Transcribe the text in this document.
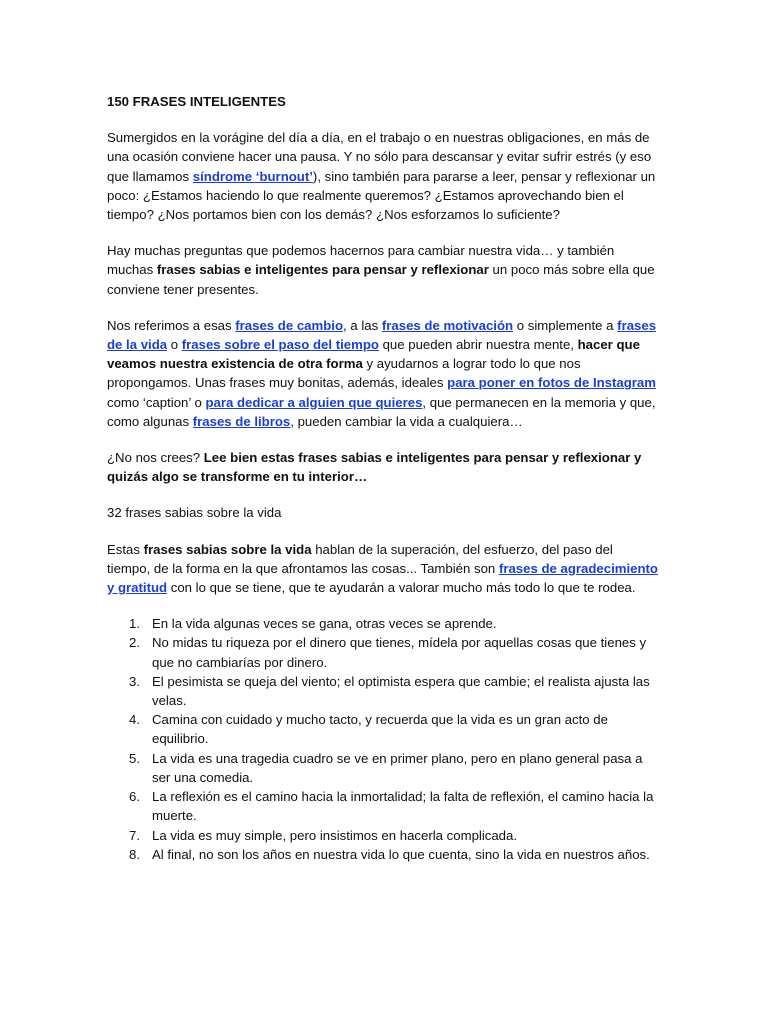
150 FRASES INTELIGENTES

Sumergidos en la vorágine del día a día, en el trabajo o en nuestras obligaciones, en más de una ocasión conviene hacer una pausa. Y no sólo para descansar y evitar sufrir estrés (y eso que llamamos síndrome ‘burnout’), sino también para pararse a leer, pensar y reflexionar un poco: ¿Estamos haciendo lo que realmente queremos? ¿Estamos aprovechando bien el tiempo? ¿Nos portamos bien con los demás? ¿Nos esforzamos lo suficiente?

Hay muchas preguntas que podemos hacernos para cambiar nuestra vida… y también muchas frases sabias e inteligentes para pensar y reflexionar un poco más sobre ella que conviene tener presentes.

Nos referimos a esas frases de cambio, a las frases de motivación o simplemente a frases de la vida o frases sobre el paso del tiempo que pueden abrir nuestra mente, hacer que veamos nuestra existencia de otra forma y ayudarnos a lograr todo lo que nos propongamos. Unas frases muy bonitas, además, ideales para poner en fotos de Instagram como ‘caption’ o para dedicar a alguien que quieres, que permanecen en la memoria y que, como algunas frases de libros, pueden cambiar la vida a cualquiera…

¿No nos crees? Lee bien estas frases sabias e inteligentes para pensar y reflexionar y quizás algo se transforme en tu interior…

32 frases sabias sobre la vida

Estas frases sabias sobre la vida hablan de la superación, del esfuerzo, del paso del tiempo, de la forma en la que afrontamos las cosas... También son frases de agradecimiento y gratitud con lo que se tiene, que te ayudarán a valorar mucho más todo lo que te rodea.

1. En la vida algunas veces se gana, otras veces se aprende.
2. No midas tu riqueza por el dinero que tienes, mídela por aquellas cosas que tienes y que no cambiarías por dinero.
3. El pesimista se queja del viento; el optimista espera que cambie; el realista ajusta las velas.
4. Camina con cuidado y mucho tacto, y recuerda que la vida es un gran acto de equilibrio.
5. La vida es una tragedia cuadro se ve en primer plano, pero en plano general pasa a ser una comedia.
6. La reflexión es el camino hacia la inmortalidad; la falta de reflexión, el camino hacia la muerte.
7. La vida es muy simple, pero insistimos en hacerla complicada.
8. Al final, no son los años en nuestra vida lo que cuenta, sino la vida en nuestros años.
